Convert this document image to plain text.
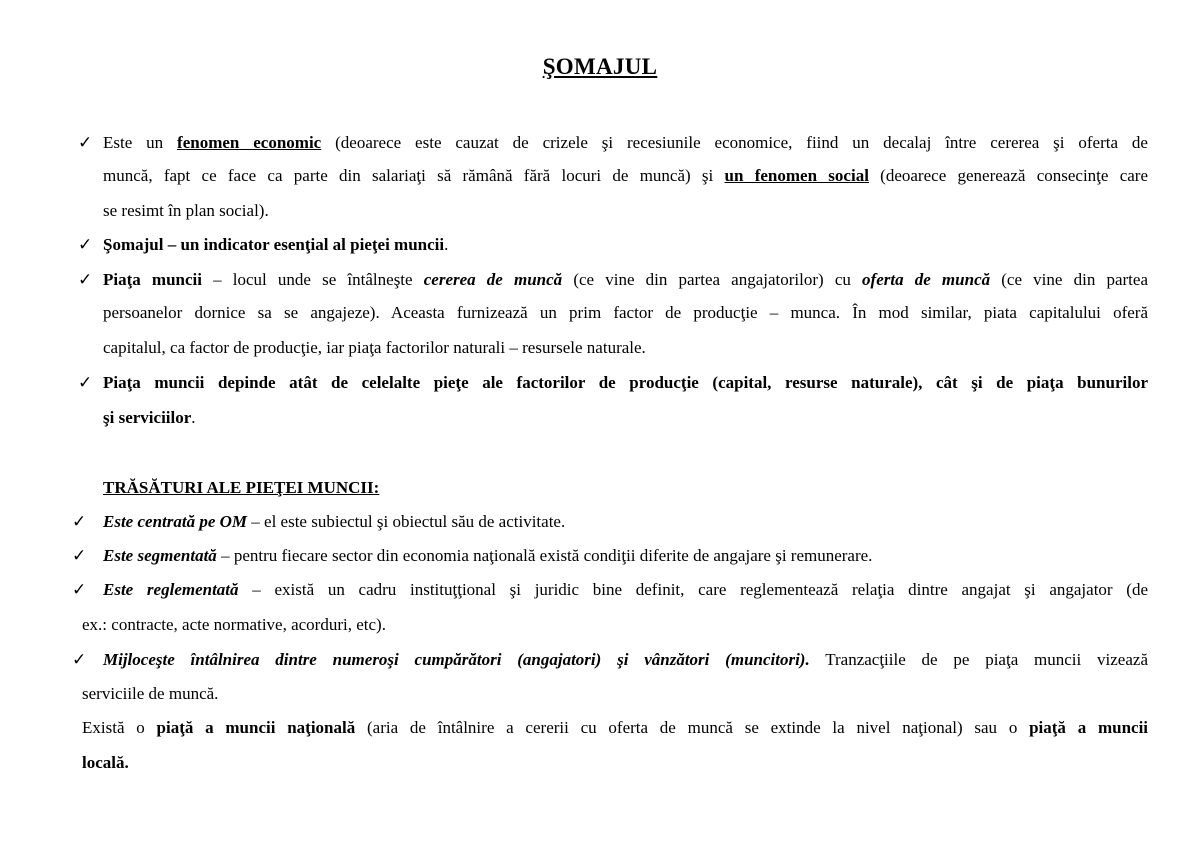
ŞOMAJUL
✓ Este un fenomen economic (deoarece este cauzat de crizele şi recesiunile economice, fiind un decalaj între cererea şi oferta de
muncă, fapt ce face ca parte din salariaţi să rămână fără locuri de muncă) şi un fenomen social (deoarece generează consecinţe care
se resimt în plan social).
✓ Şomajul – un indicator esenţial al pieţei muncii.
✓ Piaţa muncii – locul unde se întâlneşte cererea de muncă (ce vine din partea angajatorilor) cu oferta de muncă (ce vine din partea
persoanelor dornice sa se angajeze). Aceasta furnizează un prim factor de producţie – munca. În mod similar, piata capitalului oferă
capitalul, ca factor de producţie, iar piaţa factorilor naturali – resursele naturale.
✓ Piaţa muncii depinde atât de celelalte pieţe ale factorilor de producţie (capital, resurse naturale), cât şi de piaţa bunurilor
şi serviciilor.
TRĂSĂTURI ALE PIEŢEI MUNCII:
✓ Este centrată pe OM – el este subiectul şi obiectul său de activitate.
✓ Este segmentată – pentru fiecare sector din economia naţională există condiţii diferite de angajare şi remunerare.
✓ Este reglementată – există un cadru instituţţional şi juridic bine definit, care reglementează relaţia dintre angajat şi angajator (de
ex.: contracte, acte normative, acorduri, etc).
✓ Mijloceşte întâlnirea dintre numeroşi cumpărători (angajatori) şi vânzători (muncitori). Tranzacţiile de pe piaţa muncii vizează
serviciile de muncă.
Există o piaţă a muncii naţională (aria de întâlnire a cererii cu oferta de muncă se extinde la nivel naţional) sau o piaţă a muncii
locală.
